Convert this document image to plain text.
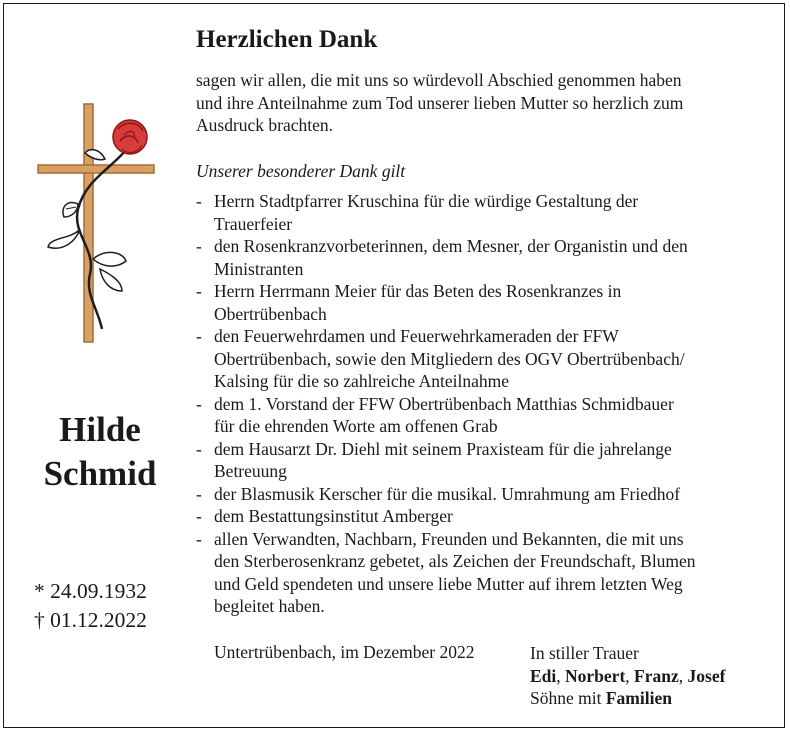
Hilde
Schmid
* 24.09.1932
† 01.12.2022
Herzlichen Dank
sagen wir allen, die mit uns so würdevoll Abschied genommen haben
und ihre Anteilnahme zum Tod unserer lieben Mutter so herzlich zum
Ausdruck brachten.
Unserer besonderer Dank gilt
- Herrn Stadtpfarrer Kruschina für die würdige Gestaltung der
Trauerfeier
- den Rosenkranzvorbeterinnen, dem Mesner, der Organistin und den
Ministranten
- Herrn Herrmann Meier für das Beten des Rosenkranzes in
Obertrübenbach
- den Feuerwehrdamen und Feuerwehrkameraden der FFW
Obertrübenbach, sowie den Mitgliedern des OGV Obertrübenbach/
Kalsing für die so zahlreiche Anteilnahme
- dem 1. Vorstand der FFW Obertrübenbach Matthias Schmidbauer
für die ehrenden Worte am offenen Grab
- dem Hausarzt Dr. Diehl mit seinem Praxisteam für die jahrelange
Betreuung
- der Blasmusik Kerscher für die musikal. Umrahmung am Friedhof
- dem Bestattungsinstitut Amberger
- allen Verwandten, Nachbarn, Freunden und Bekannten, die mit uns
den Sterberosenkranz gebetet, als Zeichen der Freundschaft, Blumen
und Geld spendeten und unsere liebe Mutter auf ihrem letzten Weg
begleitet haben.
Untertrübenbach, im Dezember 2022	In stiller Trauer
Edi, Norbert, Franz, Josef
Söhne mit Familien
